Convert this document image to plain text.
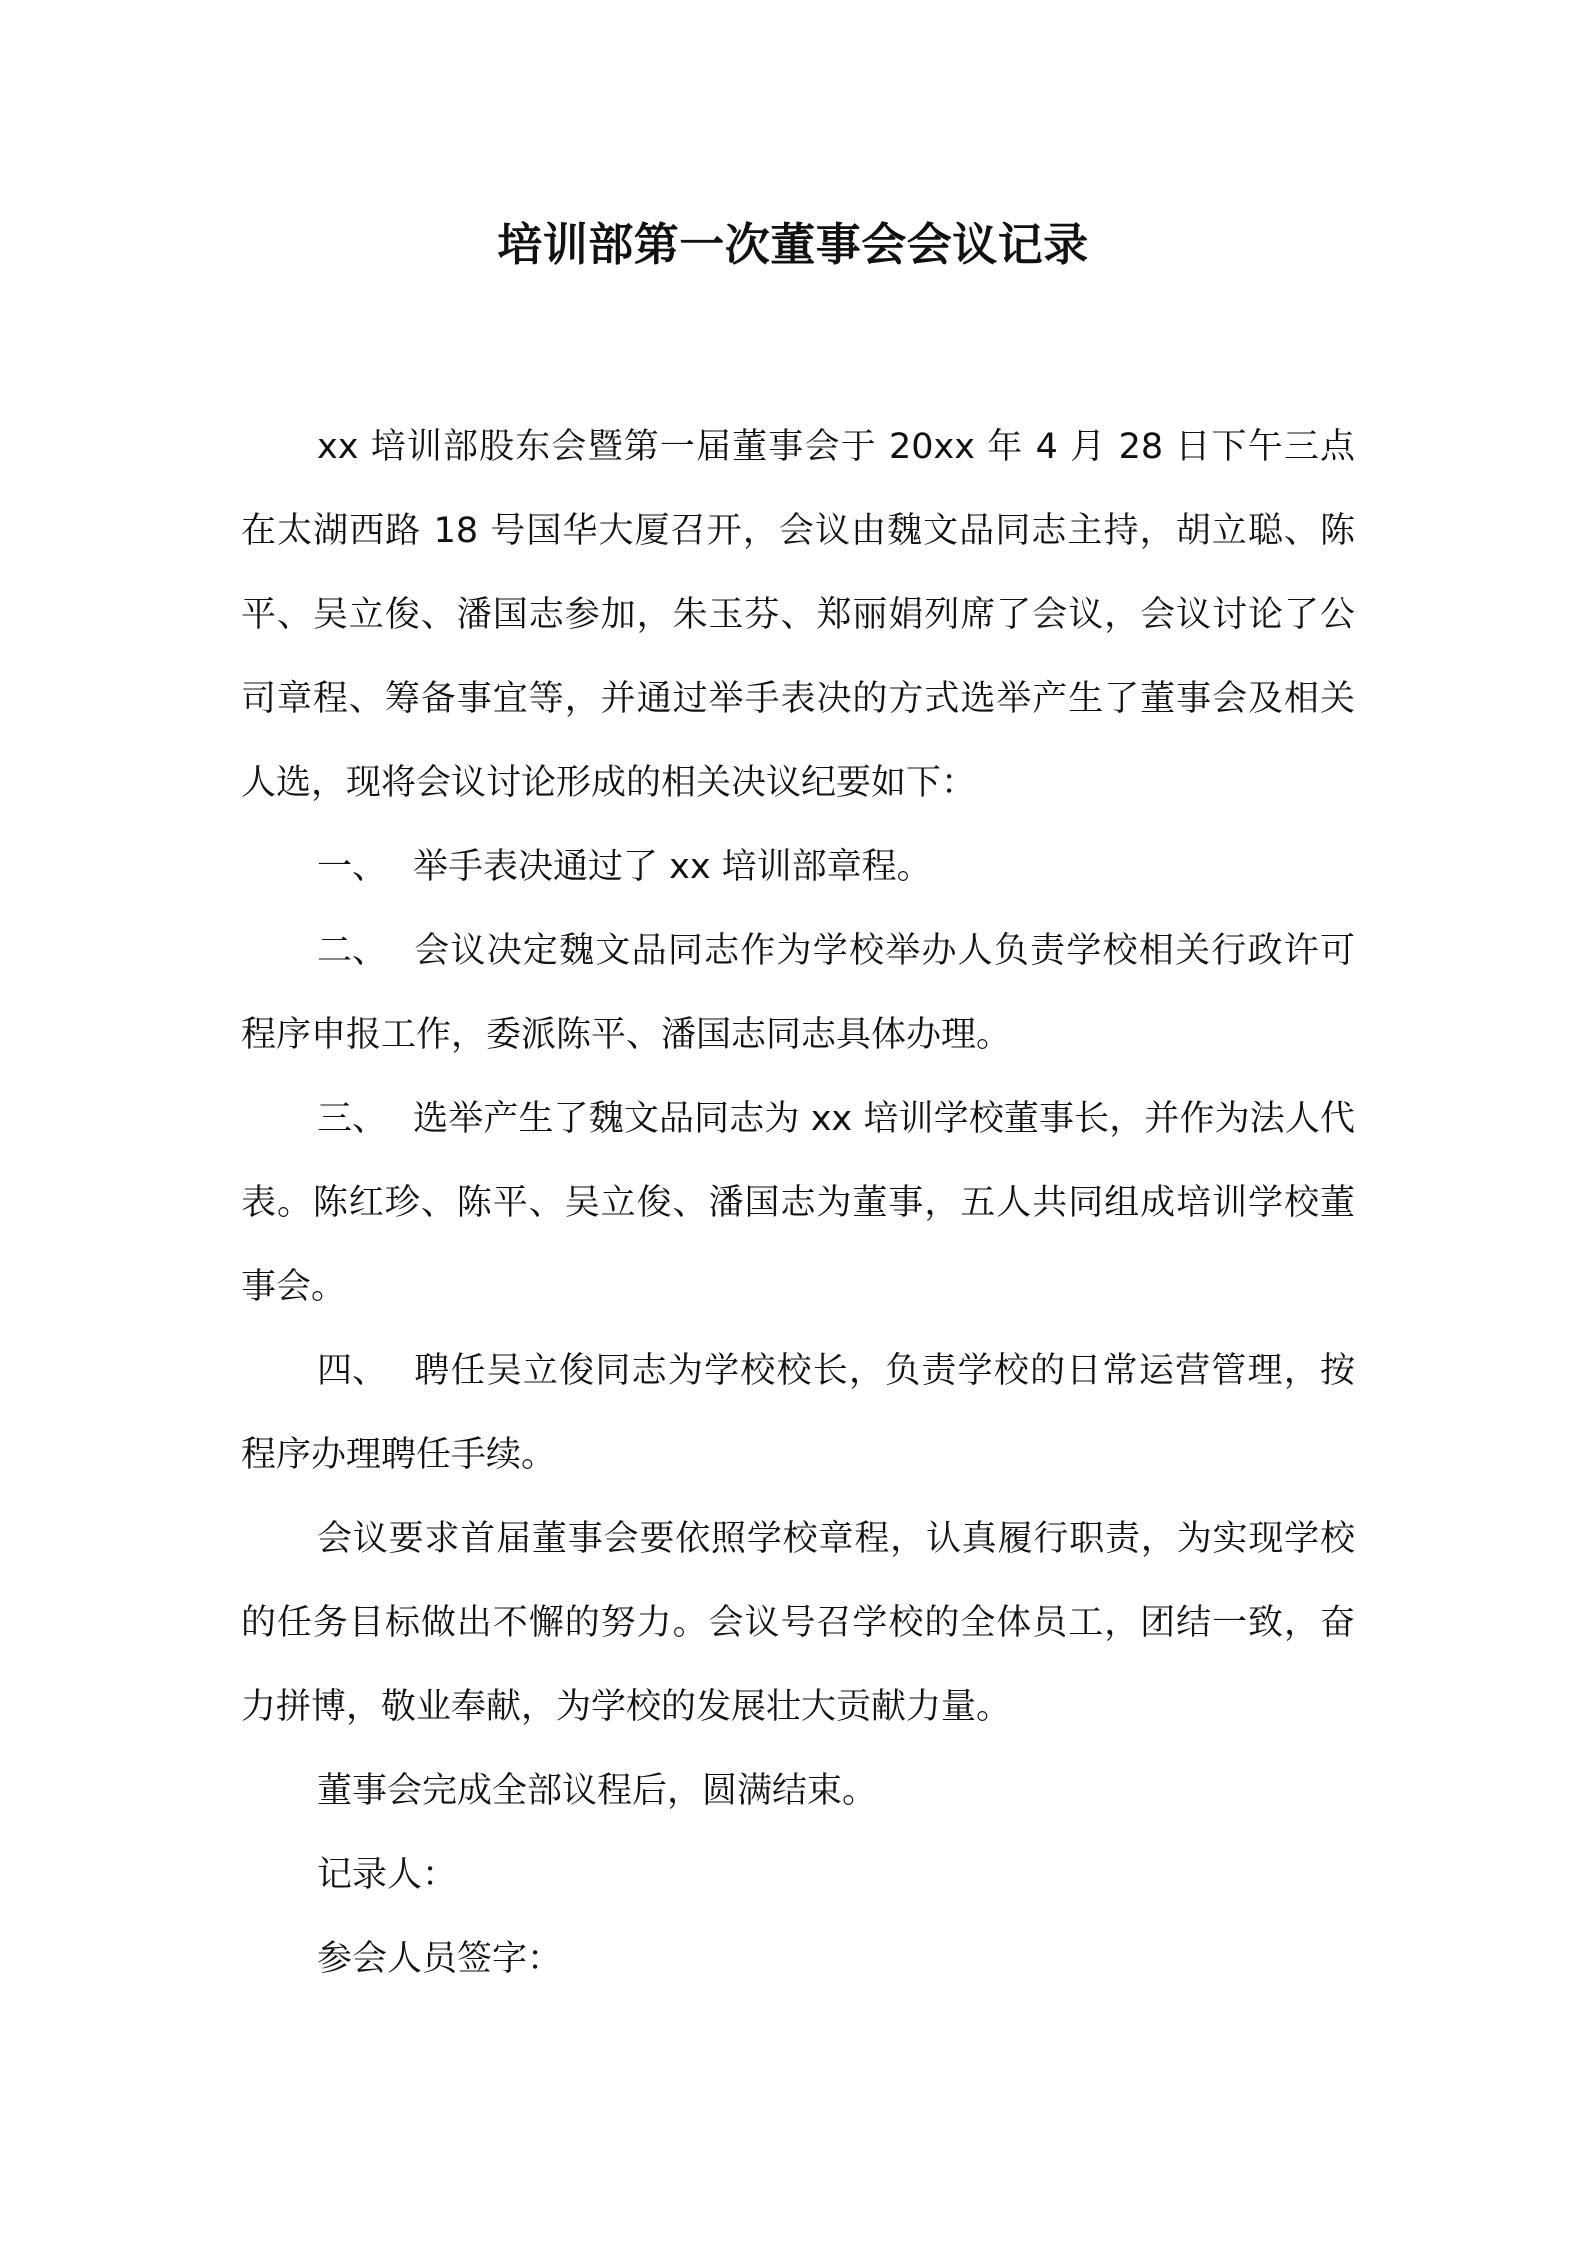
培训部第一次董事会会议记录

xx 培训部股东会暨第一届董事会于 20xx 年 4 月 28 日下午三点在太湖西路 18 号国华大厦召开，会议由魏文品同志主持，胡立聪、陈平、吴立俊、潘国志参加，朱玉芬、郑丽娟列席了会议，会议讨论了公司章程、筹备事宜等，并通过举手表决的方式选举产生了董事会及相关人选，现将会议讨论形成的相关决议纪要如下：

一、 举手表决通过了 xx 培训部章程。

二、 会议决定魏文品同志作为学校举办人负责学校相关行政许可程序申报工作，委派陈平、潘国志同志具体办理。

三、 选举产生了魏文品同志为 xx 培训学校董事长，并作为法人代表。陈红珍、陈平、吴立俊、潘国志为董事，五人共同组成培训学校董事会。

四、 聘任吴立俊同志为学校校长，负责学校的日常运营管理，按程序办理聘任手续。

会议要求首届董事会要依照学校章程，认真履行职责，为实现学校的任务目标做出不懈的努力。会议号召学校的全体员工，团结一致，奋力拼博，敬业奉献，为学校的发展壮大贡献力量。

董事会完成全部议程后，圆满结束。

记录人：

参会人员签字：
